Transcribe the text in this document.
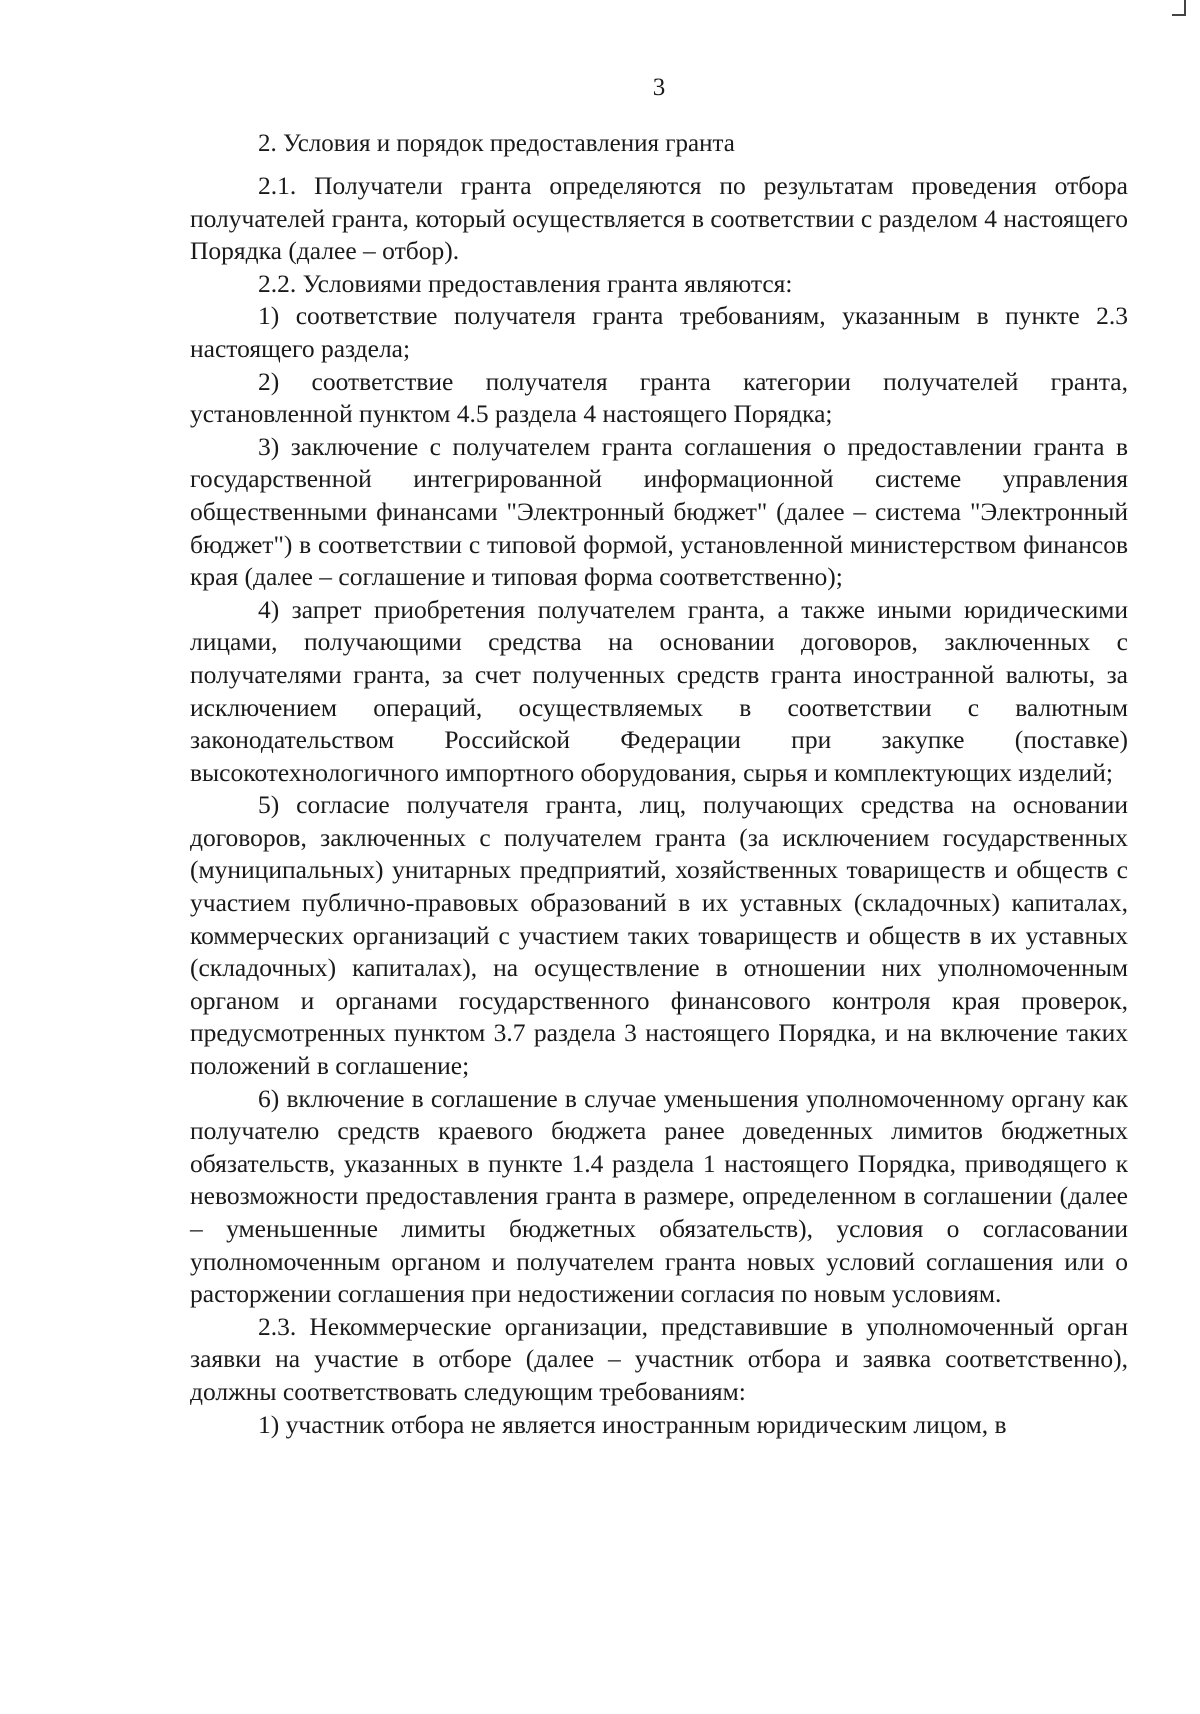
3

2. Условия и порядок предоставления гранта

2.1. Получатели гранта определяются по результатам проведения отбора получателей гранта, который осуществляется в соответствии с разделом 4 настоящего Порядка (далее – отбор).

2.2. Условиями предоставления гранта являются:

1) соответствие получателя гранта требованиям, указанным в пункте 2.3 настоящего раздела;

2) соответствие получателя гранта категории получателей гранта, установленной пунктом 4.5 раздела 4 настоящего Порядка;

3) заключение с получателем гранта соглашения о предоставлении гранта в государственной интегрированной информационной системе управления общественными финансами "Электронный бюджет" (далее – система "Электронный бюджет") в соответствии с типовой формой, установленной министерством финансов края (далее – соглашение и типовая форма соответственно);

4) запрет приобретения получателем гранта, а также иными юридическими лицами, получающими средства на основании договоров, заключенных с получателями гранта, за счет полученных средств гранта иностранной валюты, за исключением операций, осуществляемых в соответствии с валютным законодательством Российской Федерации при закупке (поставке) высокотехнологичного импортного оборудования, сырья и комплектующих изделий;

5) согласие получателя гранта, лиц, получающих средства на основании договоров, заключенных с получателем гранта (за исключением государственных (муниципальных) унитарных предприятий, хозяйственных товариществ и обществ с участием публично-правовых образований в их уставных (складочных) капиталах, коммерческих организаций с участием таких товариществ и обществ в их уставных (складочных) капиталах), на осуществление в отношении них уполномоченным органом и органами государственного финансового контроля края проверок, предусмотренных пунктом 3.7 раздела 3 настоящего Порядка, и на включение таких положений в соглашение;

6) включение в соглашение в случае уменьшения уполномоченному органу как получателю средств краевого бюджета ранее доведенных лимитов бюджетных обязательств, указанных в пункте 1.4 раздела 1 настоящего Порядка, приводящего к невозможности предоставления гранта в размере, определенном в соглашении (далее – уменьшенные лимиты бюджетных обязательств), условия о согласовании уполномоченным органом и получателем гранта новых условий соглашения или о расторжении соглашения при недостижении согласия по новым условиям.

2.3. Некоммерческие организации, представившие в уполномоченный орган заявки на участие в отборе (далее – участник отбора и заявка соответственно), должны соответствовать следующим требованиям:

1) участник отбора не является иностранным юридическим лицом, в
